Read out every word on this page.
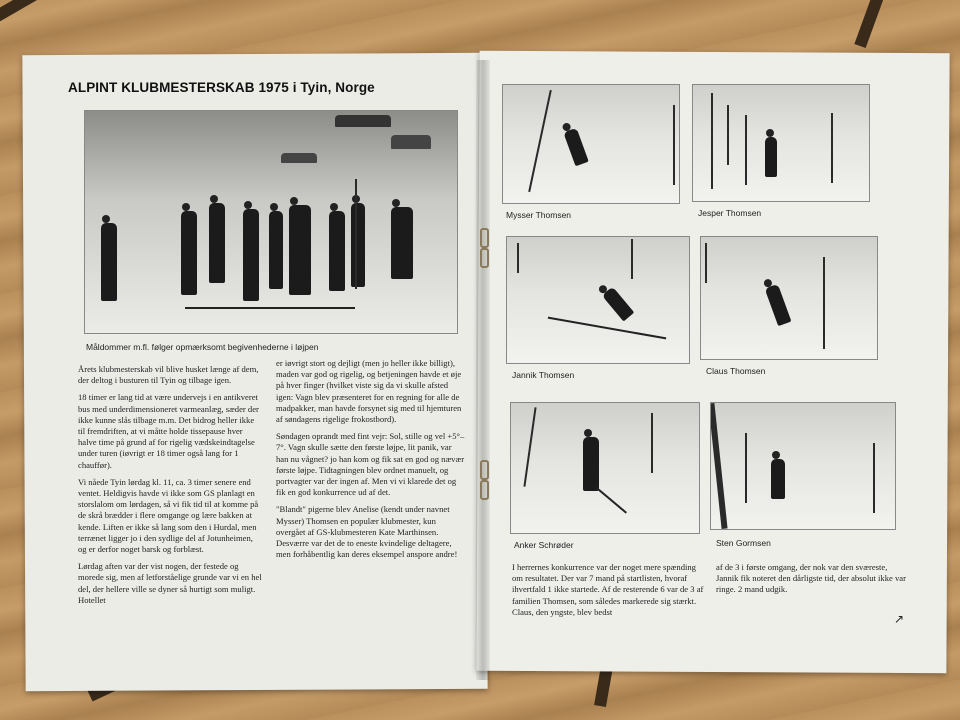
ALPINT KLUBMESTERSKAB 1975 i Tyin, Norge
Måldommer m.fl. følger opmærksomt begivenhederne i løjpen

Årets klubmesterskab vil blive husket længe af dem, der deltog i busturen til Tyin og tilbage igen.

18 timer er lang tid at være undervejs i en antikveret bus med underdimensioneret varmeanlæg, sæder der ikke kunne slås tilbage m.m. Det bidrog heller ikke til fremdriften, at vi måtte holde tissepause hver halve time på grund af for rigelig vædskeindtagelse under turen (iøvrigt er 18 timer også lang for 1 chauffør).

Vi nåede Tyin lørdag kl. 11, ca. 3 timer senere end ventet. Heldigvis havde vi ikke som GS planlagt en storslalom om lørdagen, så vi fik tid til at komme på de skrå brædder i flere omgange og lære bakken at kende. Liften er ikke så lang som den i Hurdal, men terrænet ligger jo i den sydlige del af Jotunheimen, og er derfor noget barsk og forblæst.

Lørdag aften var der vist nogen, der festede og morede sig, men af letforståelige grunde var vi en hel del, der hellere ville se dyner så hurtigt som muligt. Hotellet

er iøvrigt stort og dejligt (men jo heller ikke billigt), maden var god og rigelig, og betjeningen havde et øje på hver finger (hvilket viste sig da vi skulle afsted igen: Vagn blev præsenteret for en regning for alle de madpakker, man havde forsynet sig med til hjemturen af søndagens rigelige frokostbord).

Søndagen oprandt med fint vejr: Sol, stille og vel +5°–7°. Vagn skulle sætte den første løjpe, lit panik, var han nu vågnet? jo han kom og fik sat en god og nævær første løjpe. Tidtagningen blev ordnet manuelt, og portvagter var der ingen af. Men vi vi klarede det og fik en god konkurrence ud af det.

"Blandt" pigerne blev Anelise (kendt under navnet Mysser) Thomsen en populær klubmester, kun overgået af GS-klubmesteren Kate Marthinsen. Desværre var det de to eneste kvindelige deltagere, men forhåbentlig kan deres eksempel anspore andre!

Mysser Thomsen	Jesper Thomsen
Jannik Thomsen	Claus Thomsen
Anker Schrøder	Sten Gormsen

I herrernes konkurrence var der noget mere spænding om resultatet. Der var 7 mand på startlisten, hvoraf ihvertfald 1 ikke startede. Af de resterende 6 var de 3 af familien Thomsen, som således markerede sig stærkt. Claus, den yngste, blev bedst

af de 3 i første omgang, der nok var den sværeste, Jannik fik noteret den dårligste tid, der absolut ikke var ringe. 2 mand udgik.

↗
